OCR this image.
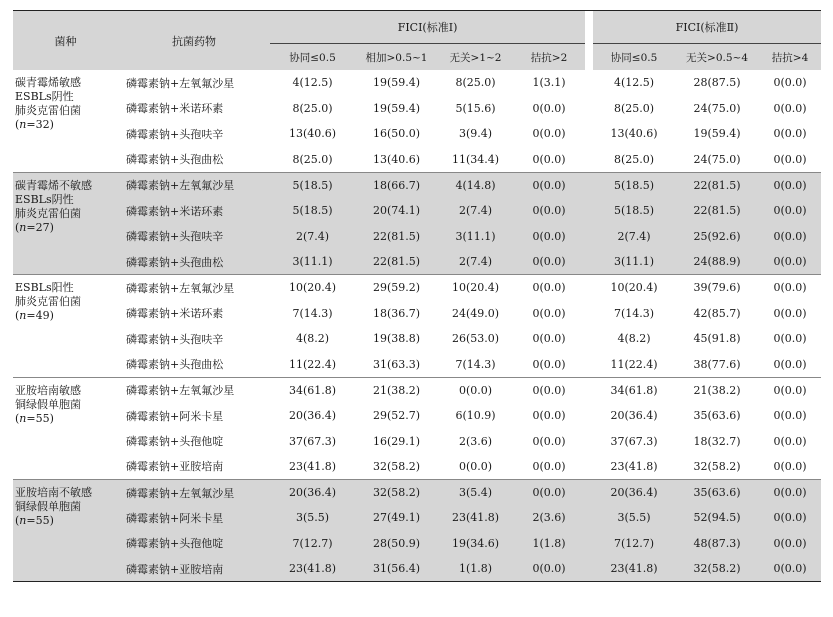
菌种	抗菌药物	FICI(标准Ⅰ)					FICI(标准Ⅱ)		
		协同≤0.5	相加>0.5~1	无关>1~2	拮抗>2		协同≤0.5	无关>0.5~4	拮抗>4

碳青霉烯敏感
ESBLs阴性
肺炎克雷伯菌
(n=32)	磷霉素钠+左氧氟沙星	4(12.5)	19(59.4)	8(25.0)	1(3.1)		4(12.5)	28(87.5)	0(0.0)
	磷霉素钠+米诺环素	8(25.0)	19(59.4)	5(15.6)	0(0.0)		8(25.0)	24(75.0)	0(0.0)
	磷霉素钠+头孢呋辛	13(40.6)	16(50.0)	3(9.4)	0(0.0)		13(40.6)	19(59.4)	0(0.0)
	磷霉素钠+头孢曲松	8(25.0)	13(40.6)	11(34.4)	0(0.0)		8(25.0)	24(75.0)	0(0.0)

碳青霉烯不敏感
ESBLs阴性
肺炎克雷伯菌
(n=27)	磷霉素钠+左氧氟沙星	5(18.5)	18(66.7)	4(14.8)	0(0.0)		5(18.5)	22(81.5)	0(0.0)
	磷霉素钠+米诺环素	5(18.5)	20(74.1)	2(7.4)	0(0.0)		5(18.5)	22(81.5)	0(0.0)
	磷霉素钠+头孢呋辛	2(7.4)	22(81.5)	3(11.1)	0(0.0)		2(7.4)	25(92.6)	0(0.0)
	磷霉素钠+头孢曲松	3(11.1)	22(81.5)	2(7.4)	0(0.0)		3(11.1)	24(88.9)	0(0.0)

ESBLs阳性
肺炎克雷伯菌
(n=49)	磷霉素钠+左氧氟沙星	10(20.4)	29(59.2)	10(20.4)	0(0.0)		10(20.4)	39(79.6)	0(0.0)
	磷霉素钠+米诺环素	7(14.3)	18(36.7)	24(49.0)	0(0.0)		7(14.3)	42(85.7)	0(0.0)
	磷霉素钠+头孢呋辛	4(8.2)	19(38.8)	26(53.0)	0(0.0)		4(8.2)	45(91.8)	0(0.0)
	磷霉素钠+头孢曲松	11(22.4)	31(63.3)	7(14.3)	0(0.0)		11(22.4)	38(77.6)	0(0.0)

亚胺培南敏感
铜绿假单胞菌
(n=55)	磷霉素钠+左氧氟沙星	34(61.8)	21(38.2)	0(0.0)	0(0.0)		34(61.8)	21(38.2)	0(0.0)
	磷霉素钠+阿米卡星	20(36.4)	29(52.7)	6(10.9)	0(0.0)		20(36.4)	35(63.6)	0(0.0)
	磷霉素钠+头孢他啶	37(67.3)	16(29.1)	2(3.6)	0(0.0)		37(67.3)	18(32.7)	0(0.0)
	磷霉素钠+亚胺培南	23(41.8)	32(58.2)	0(0.0)	0(0.0)		23(41.8)	32(58.2)	0(0.0)

亚胺培南不敏感
铜绿假单胞菌
(n=55)	磷霉素钠+左氧氟沙星	20(36.4)	32(58.2)	3(5.4)	0(0.0)		20(36.4)	35(63.6)	0(0.0)
	磷霉素钠+阿米卡星	3(5.5)	27(49.1)	23(41.8)	2(3.6)		3(5.5)	52(94.5)	0(0.0)
	磷霉素钠+头孢他啶	7(12.7)	28(50.9)	19(34.6)	1(1.8)		7(12.7)	48(87.3)	0(0.0)
	磷霉素钠+亚胺培南	23(41.8)	31(56.4)	1(1.8)	0(0.0)		23(41.8)	32(58.2)	0(0.0)
